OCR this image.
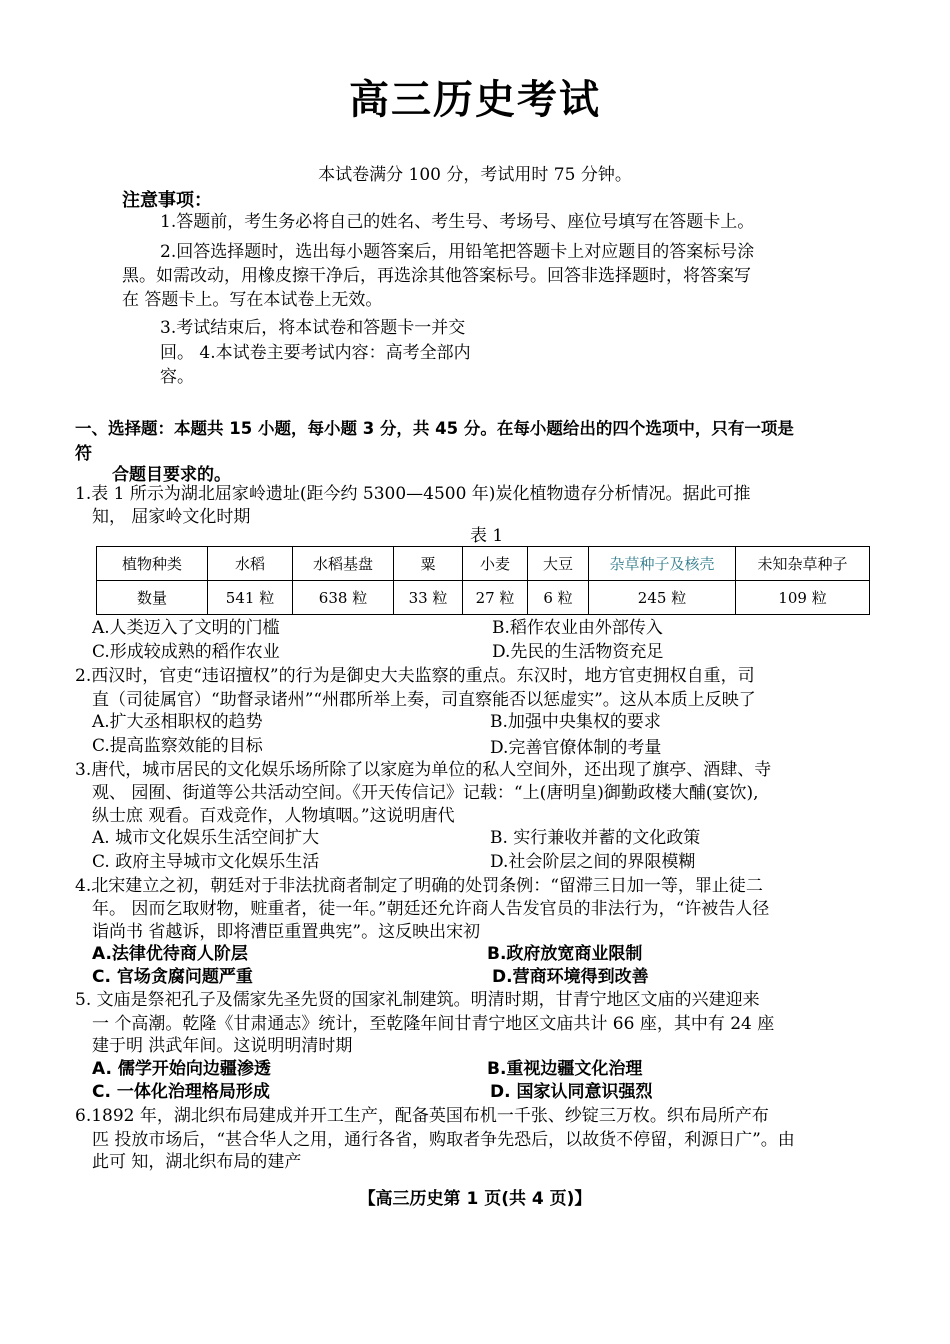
高三历史考试
本试卷满分 100 分，考试用时 75 分钟。
注意事项：
1.答题前，考生务必将自己的姓名、考生号、考场号、座位号填写在答题卡上。
2.回答选择题时，选出每小题答案后，用铅笔把答题卡上对应题目的答案标号涂
黑。如需改动，用橡皮擦干净后，再选涂其他答案标号。回答非选择题时，将答案写
在 答题卡上。写在本试卷上无效。
3.考试结束后，将本试卷和答题卡一并交
回。 4.本试卷主要考试内容：高考全部内
容。
一、选择题：本题共 15 小题，每小题 3 分，共 45 分。在每小题给出的四个选项中，只有一项是
符
合题目要求的。
1.表 1 所示为湖北屈家岭遗址(距今约 5300—4500 年)炭化植物遗存分析情况。据此可推
知， 屈家岭文化时期
表 1
植物种类	水稻	水稻基盘	粟	小麦	大豆	杂草种子及核壳	未知杂草种子
数量	541 粒	638 粒	33 粒	27 粒	6 粒	245 粒	109 粒
A.人类迈入了文明的门槛	B.稻作农业由外部传入
C.形成较成熟的稻作农业	D.先民的生活物资充足
2.西汉时，官吏“违诏擅权”的行为是御史大夫监察的重点。东汉时，地方官吏拥权自重，司
直（司徒属官）“助督录诸州”“州郡所举上奏，司直察能否以惩虚实”。这从本质上反映了
A.扩大丞相职权的趋势	B.加强中央集权的要求
C.提高监察效能的目标	D.完善官僚体制的考量
3.唐代，城市居民的文化娱乐场所除了以家庭为单位的私人空间外，还出现了旗亭、酒肆、寺
观、 园囿、街道等公共活动空间。《开天传信记》记载：“上(唐明皇)御勤政楼大酺(宴饮),
纵士庶 观看。百戏竞作，人物填咽。”这说明唐代
A. 城市文化娱乐生活空间扩大	B. 实行兼收并蓄的文化政策
C. 政府主导城市文化娱乐生活	D.社会阶层之间的界限模糊
4.北宋建立之初，朝廷对于非法扰商者制定了明确的处罚条例：“留滞三日加一等，罪止徒二
年。 因而乞取财物，赃重者，徒一年。”朝廷还允许商人告发官员的非法行为，“许被告人径
诣尚书 省越诉，即将漕臣重置典宪”。这反映出宋初
A.法律优待商人阶层	B.政府放宽商业限制
C. 官场贪腐问题严重	D.营商环境得到改善
5. 文庙是祭祀孔子及儒家先圣先贤的国家礼制建筑。明清时期，甘青宁地区文庙的兴建迎来
一 个高潮。乾隆《甘肃通志》统计，至乾隆年间甘青宁地区文庙共计 66 座，其中有 24 座
建于明 洪武年间。这说明明清时期
A. 儒学开始向边疆渗透	B.重视边疆文化治理
C. 一体化治理格局形成	D. 国家认同意识强烈
6.1892 年，湖北织布局建成并开工生产，配备英国布机一千张、纱锭三万枚。织布局所产布
匹 投放市场后，“甚合华人之用，通行各省，购取者争先恐后，以故货不停留，利源日广”。由
此可 知，湖北织布局的建产
【高三历史第 1 页(共 4 页)】
